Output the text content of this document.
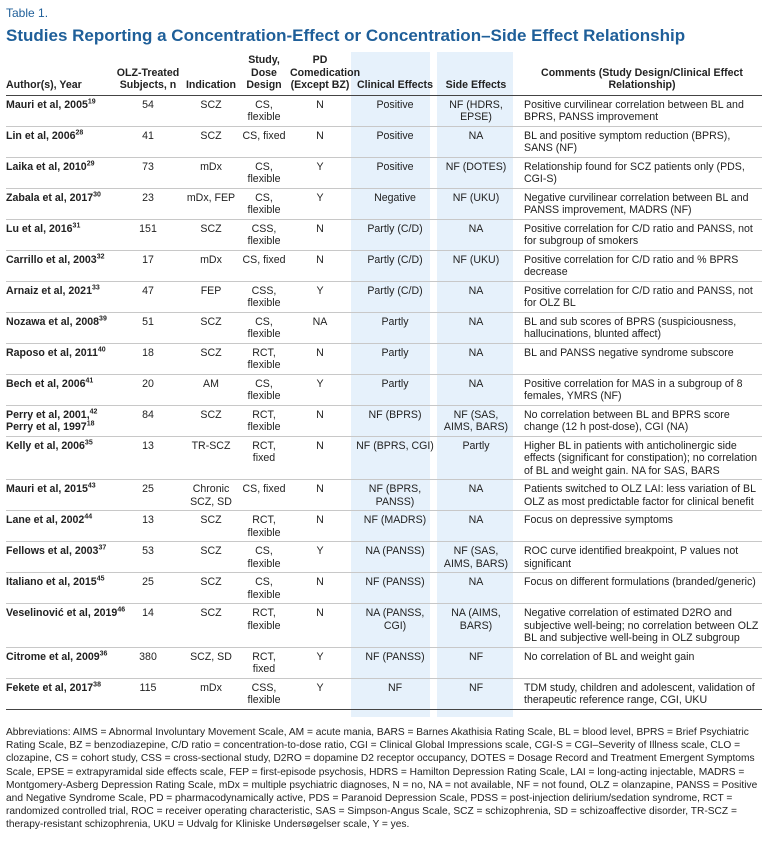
Table 1.
Studies Reporting a Concentration-Effect or Concentration–Side Effect Relationship
Author(s), Year	OLZ-Treated Subjects, n	Indication	Study, Dose Design	PD Comedication (Except BZ)	Clinical Effects	Side Effects	Comments (Study Design/Clinical Effect Relationship)
Mauri et al, 2005$^{19}$	54	SCZ	CS, flexible	N	Positive	NF (HDRS, EPSE)	Positive curvilinear correlation between BL and BPRS, PANSS improvement
Lin et al, 2006$^{28}$	41	SCZ	CS, fixed	N	Positive	NA	BL and positive symptom reduction (BPRS), SANS (NF)
Laika et al, 2010$^{29}$	73	mDx	CS, flexible	Y	Positive	NF (DOTES)	Relationship found for SCZ patients only (PDS, CGI-S)
Zabala et al, 2017$^{30}$	23	mDx, FEP	CS, flexible	Y	Negative	NF (UKU)	Negative curvilinear correlation between BL and PANSS improvement, MADRS (NF)
Lu et al, 2016$^{31}$	151	SCZ	CSS, flexible	N	Partly (C/D)	NA	Positive correlation for C/D ratio and PANSS, not for subgroup of smokers
Carrillo et al, 2003$^{32}$	17	mDx	CS, fixed	N	Partly (C/D)	NF (UKU)	Positive correlation for C/D ratio and % BPRS decrease
Arnaiz et al, 2021$^{33}$	47	FEP	CSS, flexible	Y	Partly (C/D)	NA	Positive correlation for C/D ratio and PANSS, not for OLZ BL
Nozawa et al, 2008$^{39}$	51	SCZ	CS, flexible	NA	Partly	NA	BL and sub scores of BPRS (suspiciousness, hallucinations, blunted affect)
Raposo et al, 2011$^{40}$	18	SCZ	RCT, flexible	N	Partly	NA	BL and PANSS negative syndrome subscore
Bech et al, 2006$^{41}$	20	AM	CS, flexible	Y	Partly	NA	Positive correlation for MAS in a subgroup of 8 females, YMRS (NF)
Perry et al, 2001,42
Perry et al, 1997$^{18}$	84	SCZ	RCT, flexible	N	NF (BPRS)	NF (SAS, AIMS, BARS)	No correlation between BL and BPRS score change (12 h post-dose), CGI (NA)
Kelly et al, 2006$^{35}$	13	TR-SCZ	RCT, fixed	N	NF (BPRS, CGI)	Partly	Higher BL in patients with anticholinergic side effects (significant for constipation); no correlation of BL and weight gain. NA for SAS, BARS
Mauri et al, 2015$^{43}$	25	Chronic SCZ, SD	CS, fixed	N	NF (BPRS, PANSS)	NA	Patients switched to OLZ LAI: less variation of BL OLZ as most predictable factor for clinical benefit
Lane et al, 2002$^{44}$	13	SCZ	RCT, flexible	N	NF (MADRS)	NA	Focus on depressive symptoms
Fellows et al, 2003$^{37}$	53	SCZ	CS, flexible	Y	NA (PANSS)	NF (SAS, AIMS, BARS)	ROC curve identified breakpoint, P values not significant
Italiano et al, 2015$^{45}$	25	SCZ	CS, flexible	N	NF (PANSS)	NA	Focus on different formulations (branded/generic)
Veselinović et al, 2019$^{46}$	14	SCZ	RCT, flexible	N	NA (PANSS, CGI)	NA (AIMS, BARS)	Negative correlation of estimated D2RO and subjective well-being; no correlation between OLZ BL and subjective well-being in OLZ subgroup
Citrome et al, 2009$^{36}$	380	SCZ, SD	RCT, fixed	Y	NF (PANSS)	NF	No correlation of BL and weight gain
Fekete et al, 2017$^{38}$	115	mDx	CSS, flexible	Y	NF	NF	TDM study, children and adolescent, validation of therapeutic reference range, CGI, UKU
Abbreviations: AIMS = Abnormal Involuntary Movement Scale, AM = acute mania, BARS = Barnes Akathisia Rating Scale, BL = blood level, BPRS = Brief Psychiatric Rating Scale, BZ = benzodiazepine, C/D ratio = concentration-to-dose ratio, CGI = Clinical Global Impressions scale, CGI-S = CGI–Severity of Illness scale, CLO = clozapine, CS = cohort study, CSS = cross-sectional study, D2RO = dopamine D2 receptor occupancy, DOTES = Dosage Record and Treatment Emergent Symptoms Scale, EPSE = extrapyramidal side effects scale, FEP = first-episode psychosis, HDRS = Hamilton Depression Rating Scale, LAI = long-acting injectable, MADRS = Montgomery-Asberg Depression Rating Scale, mDx = multiple psychiatric diagnoses, N = no, NA = not available, NF = not found, OLZ = olanzapine, PANSS = Positive and Negative Syndrome Scale, PD = pharmacodynamically active, PDS = Paranoid Depression Scale, PDSS = post-injection delirium/sedation syndrome, RCT = randomized controlled trial, ROC = receiver operating characteristic, SAS = Simpson-Angus Scale, SCZ = schizophrenia, SD = schizoaffective disorder, TR-SCZ = therapy-resistant schizophrenia, UKU = Udvalg for Kliniske Undersøgelser scale, Y = yes.
